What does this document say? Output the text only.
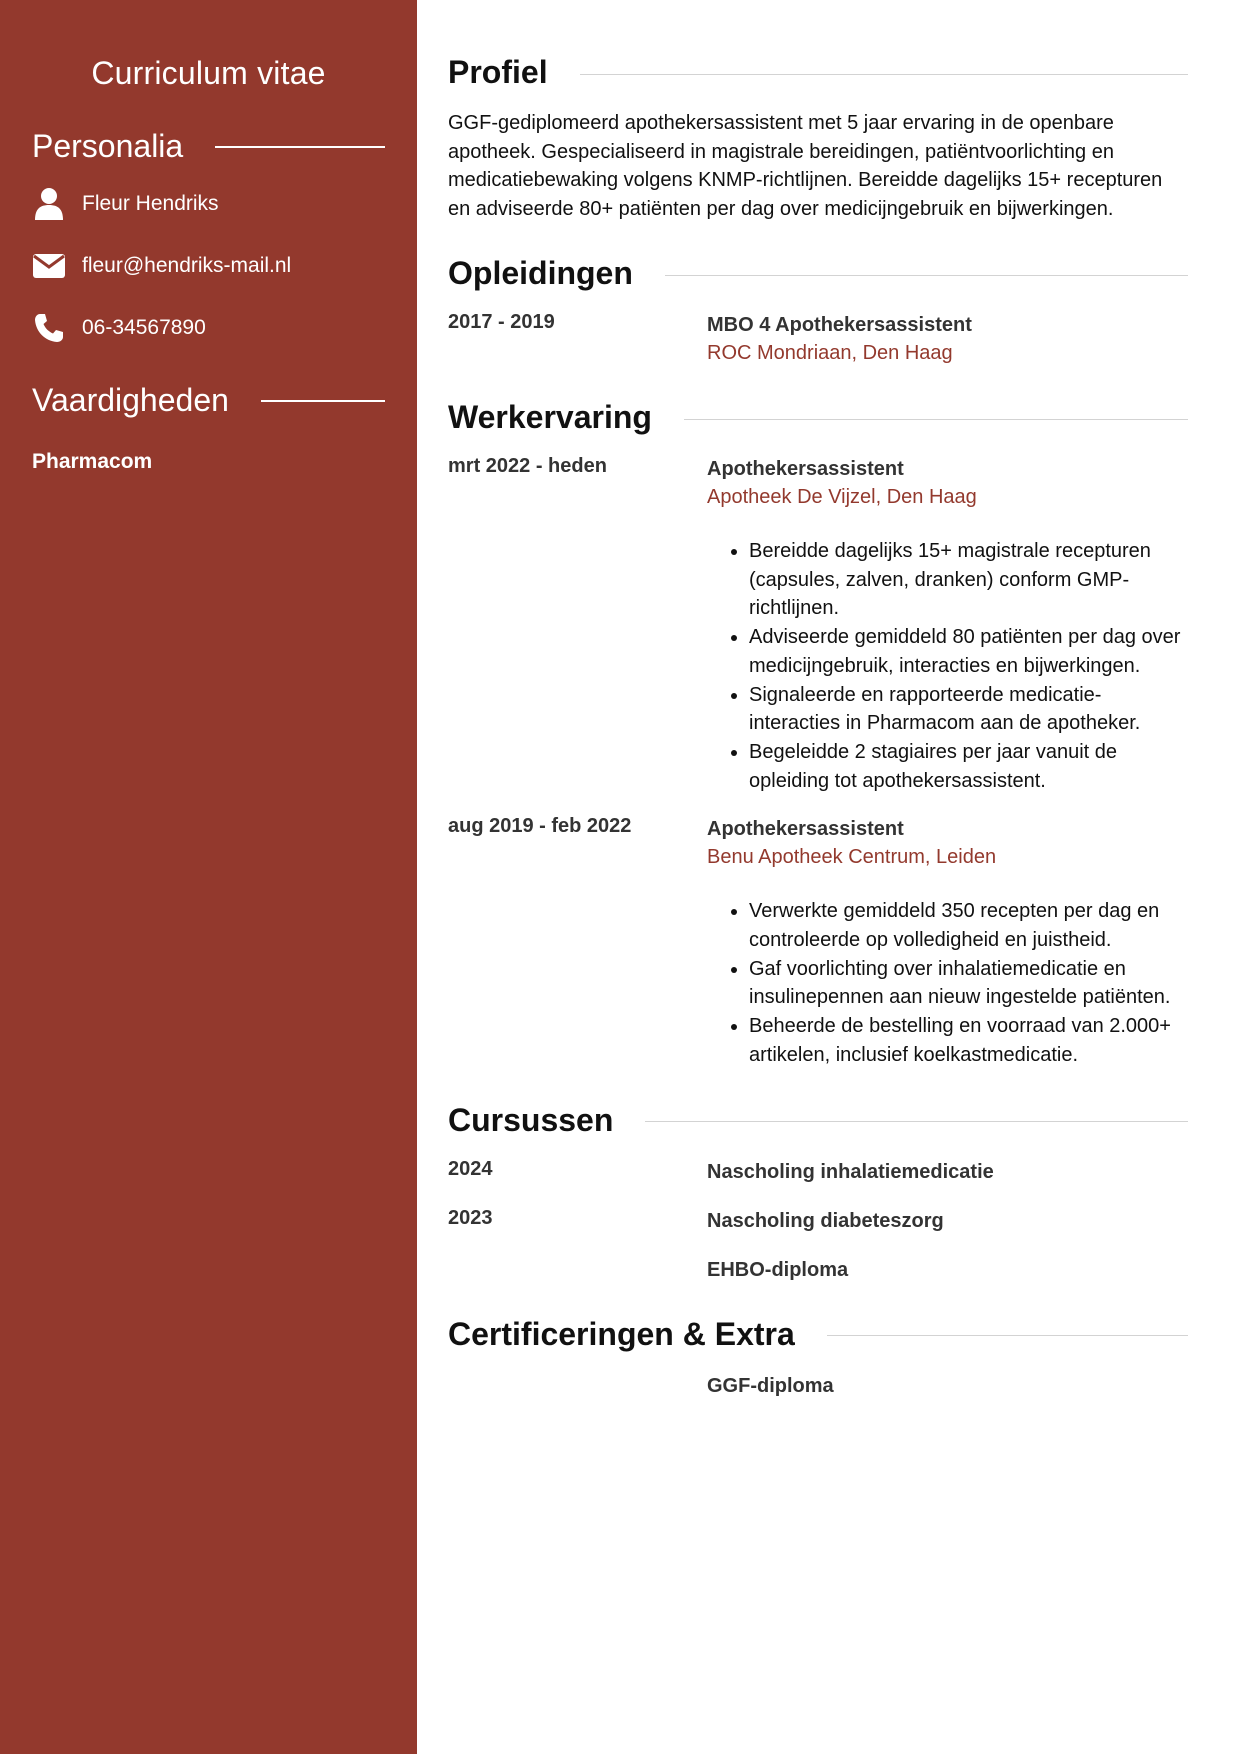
Curriculum vitae
Personalia
Fleur Hendriks
fleur@hendriks-mail.nl
06-34567890
Vaardigheden
Pharmacom
Profiel

GGF-gediplomeerd apothekersassistent met 5 jaar ervaring in de openbare apotheek. Gespecialiseerd in magistrale bereidingen, patiëntvoorlichting en medicatiebewaking volgens KNMP-richtlijnen. Bereidde dagelijks 15+ recepturen en adviseerde 80+ patiënten per dag over medicijngebruik en bijwerkingen.

Opleidingen
2017 - 2019	MBO 4 Apothekersassistent
ROC Mondriaan, Den Haag
Werkervaring
mrt 2022 - heden	Apothekersassistent
Apotheek De Vijzel, Den Haag
• Bereidde dagelijks 15+ magistrale recepturen (capsules, zalven, dranken) conform GMP-richtlijnen.
• Adviseerde gemiddeld 80 patiënten per dag over medicijngebruik, interacties en bijwerkingen.
• Signaleerde en rapporteerde medicatie-interacties in Pharmacom aan de apotheker.
• Begeleidde 2 stagiaires per jaar vanuit de opleiding tot apothekersassistent.
aug 2019 - feb 2022	Apothekersassistent
Benu Apotheek Centrum, Leiden
• Verwerkte gemiddeld 350 recepten per dag en controleerde op volledigheid en juistheid.
• Gaf voorlichting over inhalatiemedicatie en insulinepennen aan nieuw ingestelde patiënten.
• Beheerde de bestelling en voorraad van 2.000+ artikelen, inclusief koelkastmedicatie.
Cursussen
2024	Nascholing inhalatiemedicatie
2023	Nascholing diabeteszorg
EHBO-diploma
Certificeringen & Extra
GGF-diploma
